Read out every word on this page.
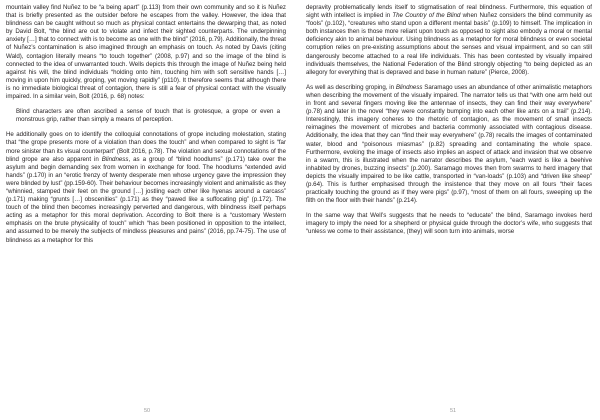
mountain valley find Nuñez to be “a being apart” (p.113) from their own community and so it is Nuñez that is briefly presented as the outsider before he escapes from the valley. However, the idea that blindness can be caught without so much as physical contact entertains the dewarping that, as noted by David Bolt, “the blind are out to violate and infect their sighted counterparts. The underpinning anxiety […] that to connect with is to become as one with the blind” (2016, p.79). Additionally, the threat of Nuñez’s contamination is also imagined through an emphasis on touch. As noted by Davis (citing Wald), contagion literally means “to touch together” (2008, p.97) and so the image of the blind is connected to the idea of unwarranted touch. Wells depicts this through the image of Nuñez being held against his will, the blind individuals “holding onto him, touching him with soft sensitive hands […] moving in upon him quickly, groping, yet moving rapidly” (p110). It therefore seems that although there is no immediate biological threat of contagion, there is still a fear of physical contact with the visually impaired. In a similar vein, Bolt (2016, p. 68) notes:

Blind characters are often ascribed a sense of touch that is grotesque, a grope or even a monstrous grip, rather than simply a means of perception.

He additionally goes on to identify the colloquial connotations of grope including molestation, stating that “the grope presents more of a violation than does the touch” and when compared to sight is “far more sinister than its visual counterpart” (Bolt 2016, p.78). The violation and sexual connotations of the blind grope are also apparent in Blindness, as a group of “blind hoodlums” (p.171) take over the asylum and begin demanding sex from women in exchange for food. The hoodlums “extended avid hands” (p.170) in an “erotic frenzy of twenty desperate men whose urgency gave the impression they were blinded by lust” (pp.159-60). Their behaviour becomes increasingly violent and animalistic as they “whinnied, stamped their feet on the ground […] jostling each other like hyenas around a carcass” (p.171) making “grunts […] obscenities” (p.171) as they “pawed like a suffocating pig” (p.172). The touch of the blind then becomes increasingly perverted and dangerous, with blindness itself perhaps acting as a metaphor for this moral deprivation. According to Bolt there is a “customary Western emphasis on the brute physicality of touch” which “has been positioned in opposition to the intellect, and assumed to be merely the subjects of mindless pleasures and pains” (2016, pp.74-75). The use of blindness as a metaphor for this

50

depravity problematically lends itself to stigmatisation of real blindness. Furthermore, this equation of sight with intellect is implied in The Country of the Blind when Nuñez considers the blind community as “fools” (p.102), “creatures who stand upon a different mental basis” (p.109) to himself. The implication in both instances then is those more reliant upon touch as opposed to sight also embody a moral or mental deficiency akin to animal behaviour. Using blindness as a metaphor for moral blindness or even societal corruption relies on pre-existing assumptions about the senses and visual impairment, and so can still dangerously become attached to a real life individuals. This has been contested by visually impaired individuals themselves, the National Federation of the Blind strongly objecting “to being depicted as an allegory for everything that is depraved and base in human nature” (Pierce, 2008).

As well as describing groping, in Blindness Saramago uses an abundance of other animalistic metaphors when describing the movement of the visually impaired. The narrator tells us that “with one arm held out in front and several fingers moving like the antennae of insects, they can find their way everywhere” (p.78) and later in the novel “they were constantly bumping into each other like ants on a trail” (p.214). Interestingly, this imagery coheres to the rhetoric of contagion, as the movement of small insects reimagines the movement of microbes and bacteria commonly associated with contagious disease. Additionally, the idea that they can “find their way everywhere” (p.78) recalls the images of contaminated water, blood and “poisonous miasmas” (p.82) spreading and contaminating the whole space. Furthermore, evoking the image of insects also implies an aspect of attack and invasion that we observe in a swarm, this is illustrated when the narrator describes the asylum, “each ward is like a beehive inhabited by drones, buzzing insects” (p.200). Saramago moves then from swarms to herd imagery that depicts the visually impaired to be like cattle, transported in “van-loads” (p.103) and “driven like sheep” (p.64). This is further emphasised through the insistence that they move on all fours “their faces practically touching the ground as if they were pigs” (p.97), “most of them on all fours, sweeping up the filth on the floor with their hands” (p.214).

In the same way that Well’s suggests that he needs to “educate” the blind, Saramago invokes herd imagery to imply the need for a shepherd or physical guide through the doctor’s wife, who suggests that “unless we come to their assistance, (they) will soon turn into animals, worse

51
